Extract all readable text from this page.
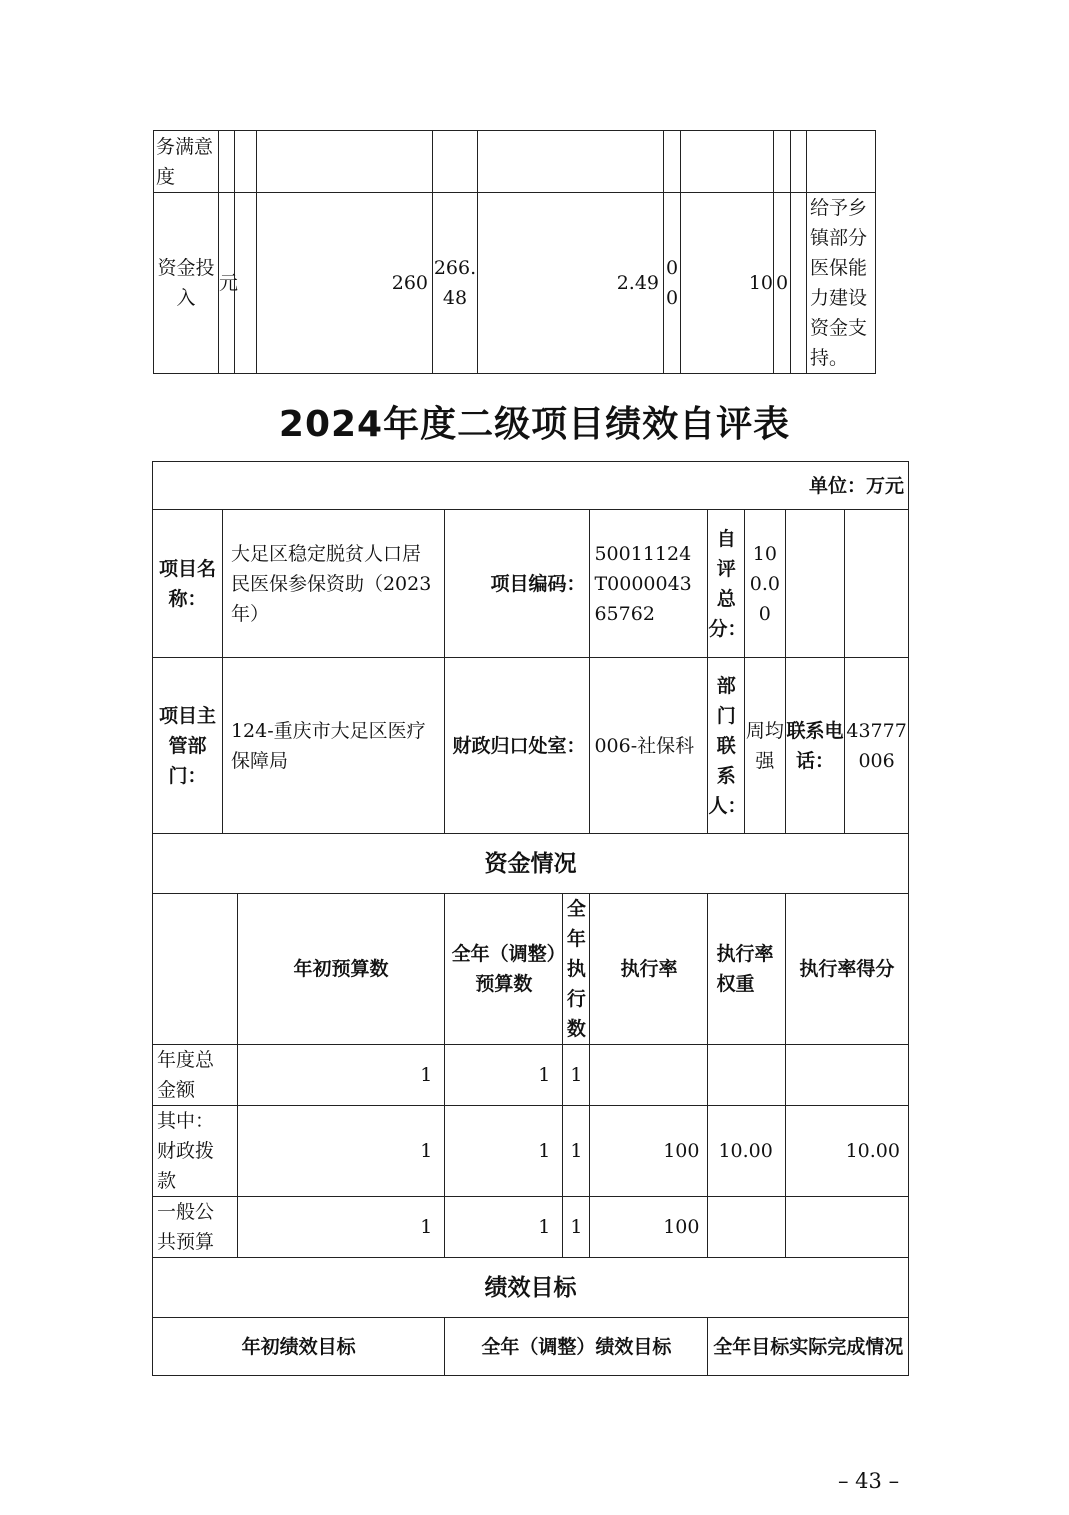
务满意度										
资金投入	元		260	266.48	2.49	00	10	0		给予乡镇部分医保能力建设资金支持。
2024年度二级项目绩效自评表
单位：万元									
项目名称：	大足区稳定脱贫人口居民医保参保资助（2023年）		项目编码：		50011124T000004365762	自评总分：	100.00		
项目主管部门：	124-重庆市大足区医疗保障局		财政归口处室：		006-社保科	部门联系人：	周均强	联系电话：	43777006
资金情况									
		年初预算数	全年（调整）预算数	全年执行数	执行率	执行率权重		执行率得分	
年度总金额		1	1	1					
其中：财政拨款		1	1	1	100	10.00		10.00	
一般公共预算		1	1	1	100				
绩效目标									
年初绩效目标			全年（调整）绩效目标			全年目标实际完成情况			
– 43 –
